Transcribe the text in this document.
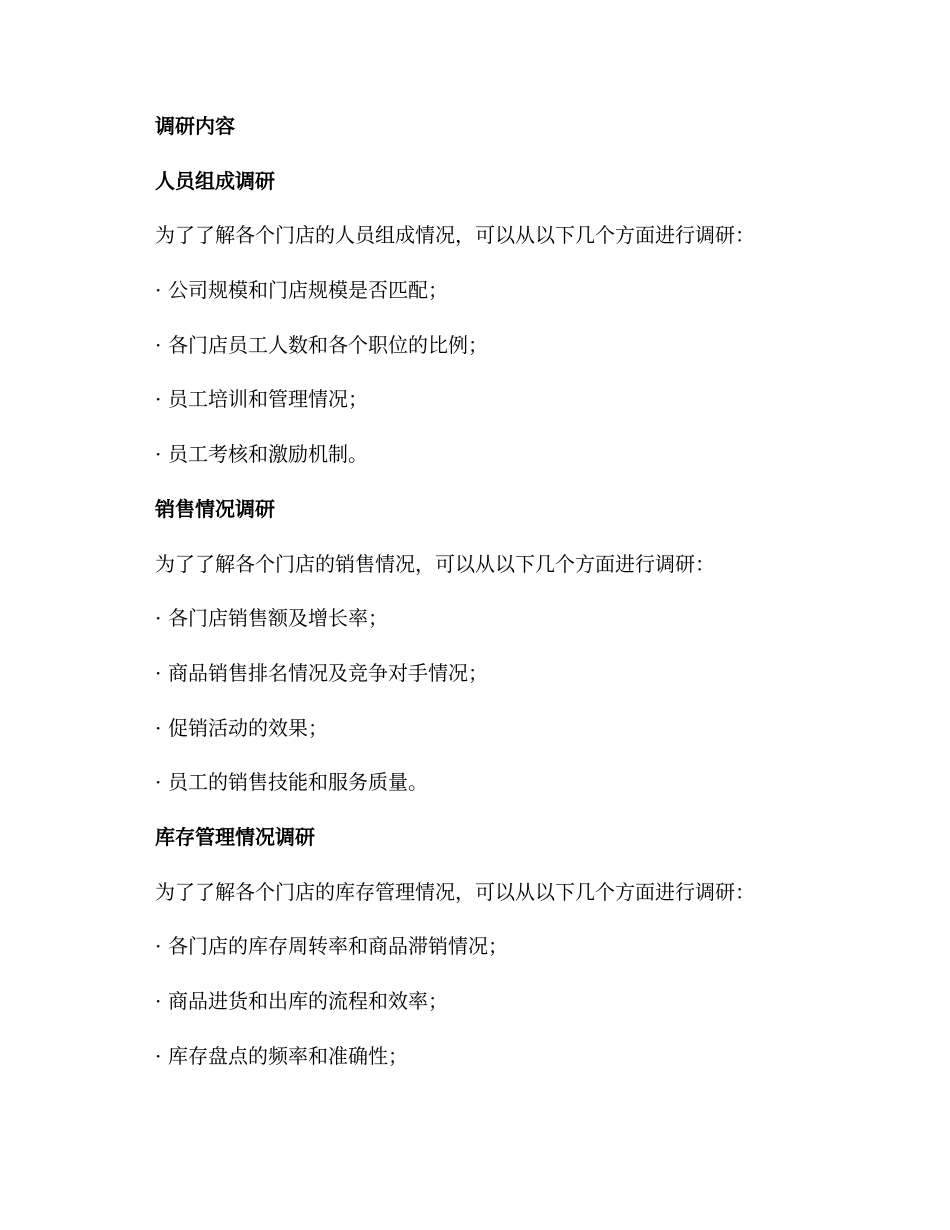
调研内容
人员组成调研
为了了解各个门店的人员组成情况，可以从以下几个方面进行调研：
· 公司规模和门店规模是否匹配；
· 各门店员工人数和各个职位的比例；
· 员工培训和管理情况；
· 员工考核和激励机制。
销售情况调研
为了了解各个门店的销售情况，可以从以下几个方面进行调研：
· 各门店销售额及增长率；
· 商品销售排名情况及竞争对手情况；
· 促销活动的效果；
· 员工的销售技能和服务质量。
库存管理情况调研
为了了解各个门店的库存管理情况，可以从以下几个方面进行调研：
· 各门店的库存周转率和商品滞销情况；
· 商品进货和出库的流程和效率；
· 库存盘点的频率和准确性；
